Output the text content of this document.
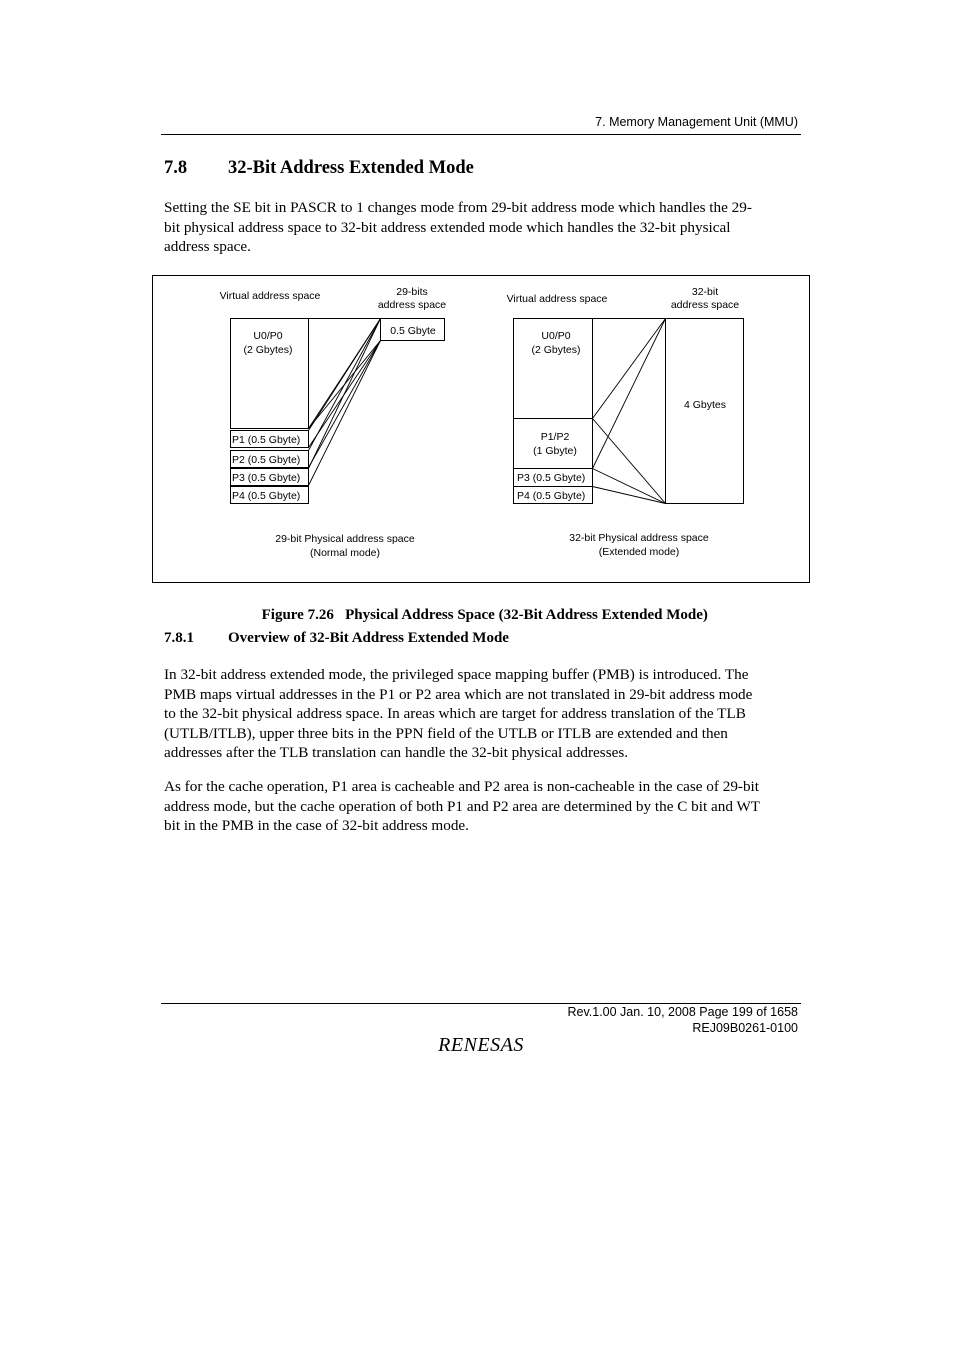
7. Memory Management Unit (MMU)
7.8 32-Bit Address Extended Mode
Setting the SE bit in PASCR to 1 changes mode from 29-bit address mode which handles the 29-
bit physical address space to 32-bit address extended mode which handles the 32-bit physical
address space.
Virtual address space	29-bits
address space
U0/P0
(2 Gbytes)
P1 (0.5 Gbyte)
P2 (0.5 Gbyte)
P3 (0.5 Gbyte)
P4 (0.5 Gbyte)
0.5 Gbyte
29-bit Physical address space
(Normal mode)
Virtual address space
32-bit
address space
U0/P0
(2 Gbytes)
P1/P2
(1 Gbyte)
P3 (0.5 Gbyte)
P4 (0.5 Gbyte)
4 Gbytes
32-bit Physical address space
(Extended mode)

Figure 7.26   Physical Address Space (32-Bit Address Extended Mode)

7.8.1 Overview of 32-Bit Address Extended Mode
In 32-bit address extended mode, the privileged space mapping buffer (PMB) is introduced. The
PMB maps virtual addresses in the P1 or P2 area which are not translated in 29-bit address mode
to the 32-bit physical address space. In areas which are target for address translation of the TLB
(UTLB/ITLB), upper three bits in the PPN field of the UTLB or ITLB are extended and then
addresses after the TLB translation can handle the 32-bit physical addresses.
As for the cache operation, P1 area is cacheable and P2 area is non-cacheable in the case of 29-bit
address mode, but the cache operation of both P1 and P2 area are determined by the C bit and WT
bit in the PMB in the case of 32-bit address mode.
Rev.1.00 Jan. 10, 2008 Page 199 of 1658
REJ09B0261-0100
RENESAS
